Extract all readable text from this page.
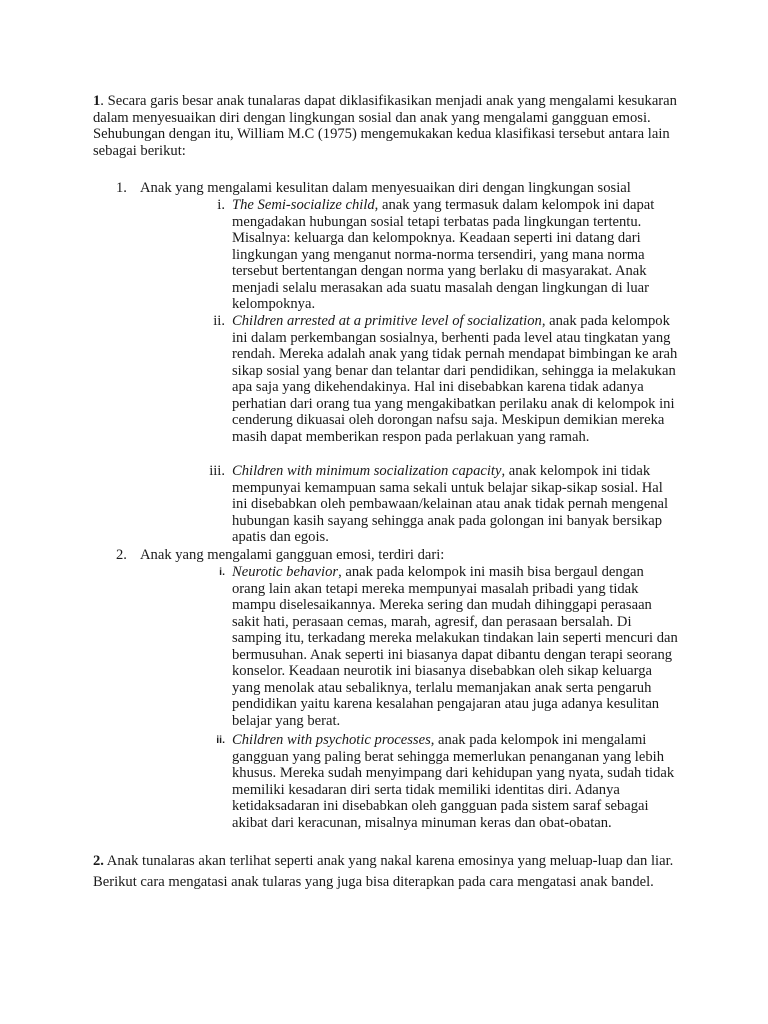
1. Secara garis besar anak tunalaras dapat diklasifikasikan menjadi anak yang mengalami kesukaran dalam menyesuaikan diri dengan lingkungan sosial dan anak yang mengalami gangguan emosi. Sehubungan dengan itu, William M.C (1975) mengemukakan kedua klasifikasi tersebut antara lain sebagai berikut:
1. Anak yang mengalami kesulitan dalam menyesuaikan diri dengan lingkungan sosial
i. The Semi-socialize child, anak yang termasuk dalam kelompok ini dapat mengadakan hubungan sosial tetapi terbatas pada lingkungan tertentu. Misalnya: keluarga dan kelompoknya. Keadaan seperti ini datang dari lingkungan yang menganut norma-norma tersendiri, yang mana norma tersebut bertentangan dengan norma yang berlaku di masyarakat. Anak menjadi selalu merasakan ada suatu masalah dengan lingkungan di luar kelompoknya.
ii. Children arrested at a primitive level of socialization, anak pada kelompok ini dalam perkembangan sosialnya, berhenti pada level atau tingkatan yang rendah. Mereka adalah anak yang tidak pernah mendapat bimbingan ke arah sikap sosial yang benar dan telantar dari pendidikan, sehingga ia melakukan apa saja yang dikehendakinya. Hal ini disebabkan karena tidak adanya perhatian dari orang tua yang mengakibatkan perilaku anak di kelompok ini cenderung dikuasai oleh dorongan nafsu saja. Meskipun demikian mereka masih dapat memberikan respon pada perlakuan yang ramah.
iii. Children with minimum socialization capacity, anak kelompok ini tidak mempunyai kemampuan sama sekali untuk belajar sikap-sikap sosial. Hal ini disebabkan oleh pembawaan/kelainan atau anak tidak pernah mengenal hubungan kasih sayang sehingga anak pada golongan ini banyak bersikap apatis dan egois.
2. Anak yang mengalami gangguan emosi, terdiri dari:
i. Neurotic behavior, anak pada kelompok ini masih bisa bergaul dengan orang lain akan tetapi mereka mempunyai masalah pribadi yang tidak mampu diselesaikannya. Mereka sering dan mudah dihinggapi perasaan sakit hati, perasaan cemas, marah, agresif, dan perasaan bersalah. Di samping itu, terkadang mereka melakukan tindakan lain seperti mencuri dan bermusuhan. Anak seperti ini biasanya dapat dibantu dengan terapi seorang konselor. Keadaan neurotik ini biasanya disebabkan oleh sikap keluarga yang menolak atau sebaliknya, terlalu memanjakan anak serta pengaruh pendidikan yaitu karena kesalahan pengajaran atau juga adanya kesulitan belajar yang berat.
ii. Children with psychotic processes, anak pada kelompok ini mengalami gangguan yang paling berat sehingga memerlukan penanganan yang lebih khusus. Mereka sudah menyimpang dari kehidupan yang nyata, sudah tidak memiliki kesadaran diri serta tidak memiliki identitas diri. Adanya ketidaksadaran ini disebabkan oleh gangguan pada sistem saraf sebagai akibat dari keracunan, misalnya minuman keras dan obat-obatan.
2. Anak tunalaras akan terlihat seperti anak yang nakal karena emosinya yang meluap-luap dan liar. Berikut cara mengatasi anak tularas yang juga bisa diterapkan pada cara mengatasi anak bandel.
